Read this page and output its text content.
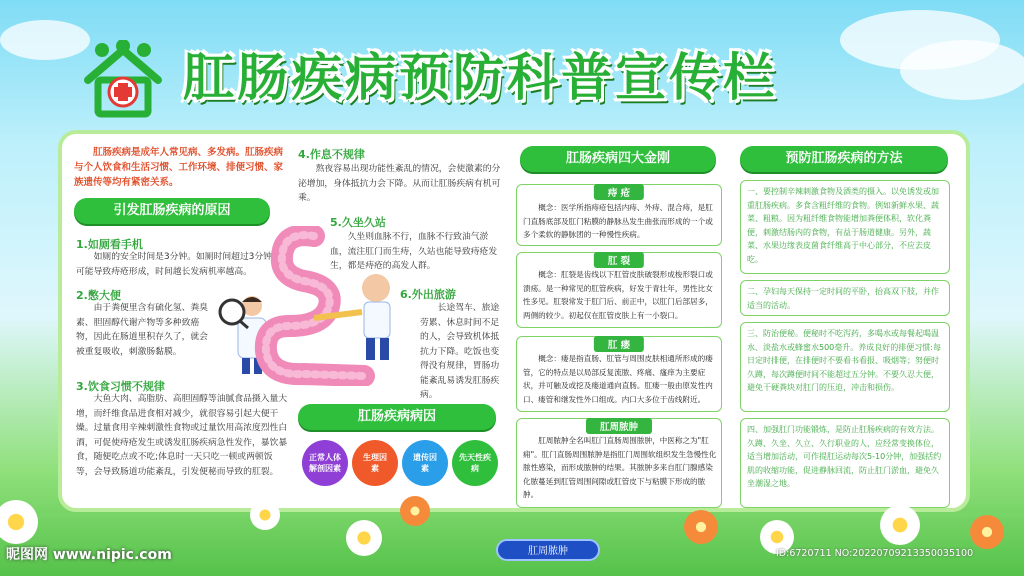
肛肠疾病预防科普宣传栏
肛肠疾病是成年人常见病、多发病。肛肠疾病与个人饮食和生活习惯、工作环境、排便习惯、家族遗传等均有紧密关系。
引发肛肠疾病的原因
1.如厕看手机
如厕的安全时间是3分钟。如厕时间超过3分钟就可能导致痔疮形成，时间越长发病机率越高。
2.憋大便
由于粪便里含有硫化氢、粪臭素、胆固醇代谢产物等多种致癌物，因此在肠道里积存久了，就会被重复吸收，刺激肠黏膜。
3.饮食习惯不规律
大鱼大肉、高脂肪、高胆固醇等油腻食品摄入量大增，而纤维食品进食相对减少，就很容易引起大便干燥。过量食用辛辣刺激性食物或过量饮用高浓度烈性白酒，可促使痔疮发生或诱发肛肠疾病急性发作，暴饮暴食，随便吃点或不吃;体息时一天只吃一顿或两顿饭等，会导致肠道功能紊乱，引发便秘而导致的肛裂。
4.作息不规律
熬夜容易出现功能性紊乱的情况，会使激素的分泌增加，身体抵抗力会下降。从而让肛肠疾病有机可乘。
5.久坐久站
久坐则血脉不行，血脉不行致油气淤血，流注肛门而生痔，久站也能导致痔疮发生，都是痔疮的高发人群。
6.外出旅游
长途驾车、旅途劳累、休息时间不足的人，会导致机体抵抗力下降。吃饭也变得没有规律，胃肠功能紊乱易诱发肛肠疾病。
肛肠疾病病因
正常人体解剖因素
生理因素
遗传因素
先天性疾病
肛肠疾病四大金刚
痔 疮
概念：医学所指痔疮包括内痔、外痔、混合痔，是肛门直肠底部及肛门粘膜的静脉丛发生曲张而形成的一个或多个柔软的静脉团的一种慢性疾病。
肛 裂
概念：肛裂是齿线以下肛管皮肤破裂形成梭形裂口或溃疡。是一种常见的肛管疾病，好发于青壮年，男性比女性多见。肛裂常发于肛门后、前正中，以肛门后部居多，两侧的较少。初起仅在肛管皮肤上有一小裂口。
肛 瘘
概念：瘘是指直肠、肛管与周围皮肤相通所形成的瘘管，它的特点是以局部反复流脓、疼痛、瘙痒为主要症状，并可触及或挖及瘘道通向直肠。肛瘘一般由原发性内口、瘘管和继发性外口组成。内口大多位于齿线附近。
肛周脓肿
肛周脓肿全名叫肛门直肠周围脓肿，中医称之为"肛痈"。肛门直肠周围脓肿是指肛门周围软组织发生急慢性化脓性感染，而形成脓肿的结果。其脓肿多来自肛门腺感染化脓蔓延到肛管周围间隙或肛管皮下与粘膜下形成的脓肿。
预防肛肠疾病的方法
一、要控制辛辣刺激食物及酒类的摄入。以免诱发或加重肛肠疾病。多食含粗纤维的食物。例如新鲜水果、蔬菜、粗粮。因为粗纤维食物能增加粪便体积，软化粪便，刺激结肠内的食物，有益于肠道健康。另外，蔬菜、水果边缘表皮菌食纤维高于中心部分，不应去皮吃。
二、孕妇每天保持一定时间的平卧，抬高双下肢，并作适当的活动。
三、防治便秘。便秘时不吃泻药，多喝水或每餐起喝温水、淡盐水或蜂蜜水500毫升。养成良好的排便习惯:每日定时排便，在排便时不要看书看报、吸烟等；努便时久蹲，每次蹲便时间不能超过五分钟。不要久忍大便，避免干硬粪块对肛门的压迫，冲击和损伤。
四、加强肛门功能锻炼，是防止肛肠疾病的有效方法。久蹲、久坐、久立、久行职业的人，应经常变换体位，适当增加活动，可作提肛运动每次5-10分钟，加强括约肌的收缩功能，促进静脉回流，防止肛门淤血，避免久坐潮湿之地。
肛周脓肿
昵图网 www.nipic.com	ID:6720711 NO:20220709213350035100
